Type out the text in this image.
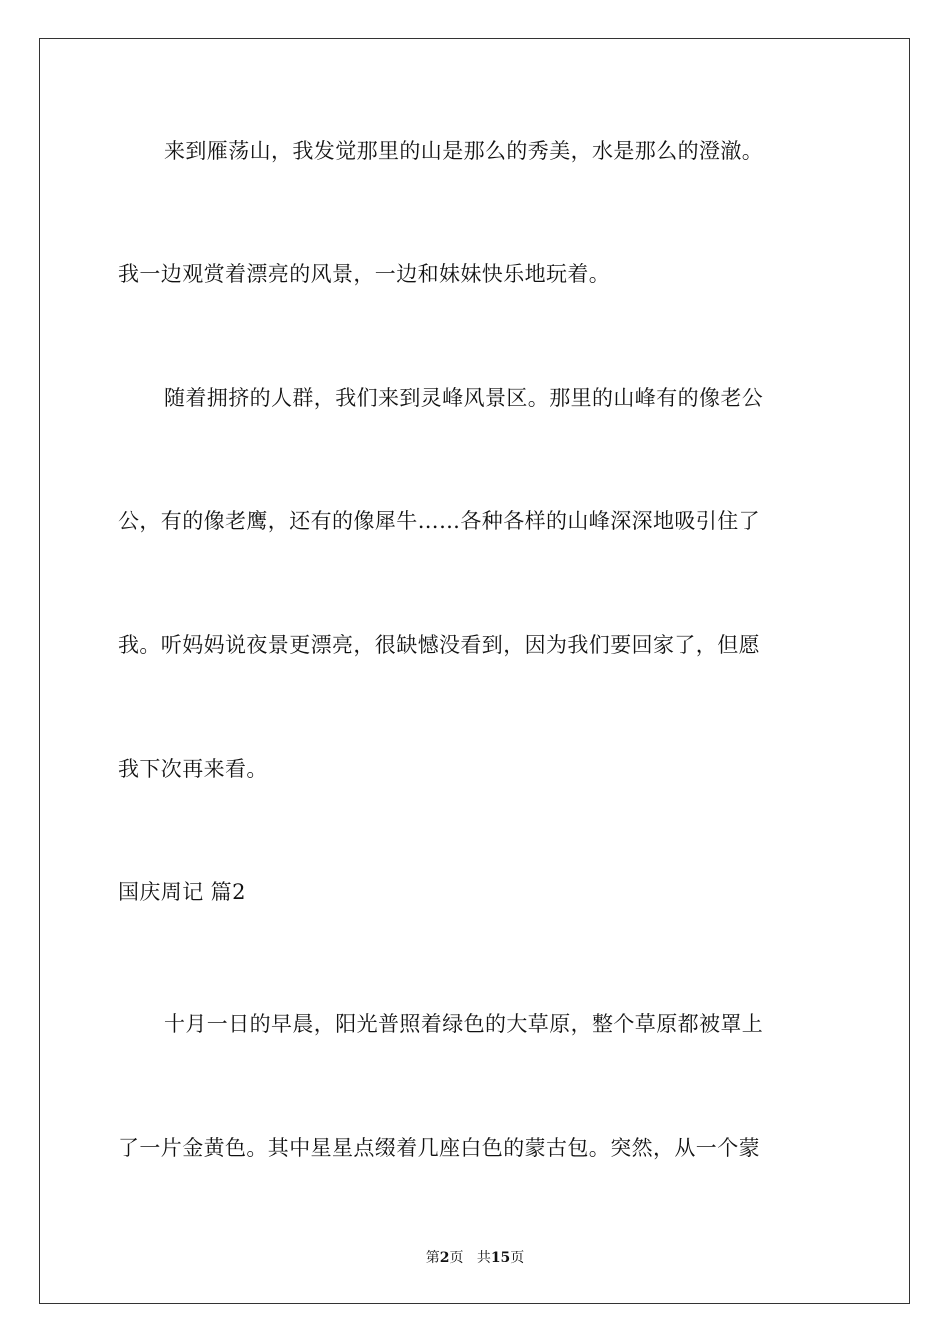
来到雁荡山，我发觉那里的山是那么的秀美，水是那么的澄澈。
我一边观赏着漂亮的风景，一边和妹妹快乐地玩着。
随着拥挤的人群，我们来到灵峰风景区。那里的山峰有的像老公
公，有的像老鹰，还有的像犀牛……各种各样的山峰深深地吸引住了
我。听妈妈说夜景更漂亮，很缺憾没看到，因为我们要回家了，但愿
我下次再来看。
国庆周记 篇2
十月一日的早晨，阳光普照着绿色的大草原，整个草原都被罩上
了一片金黄色。其中星星点缀着几座白色的蒙古包。突然，从一个蒙
第2页 共15页
